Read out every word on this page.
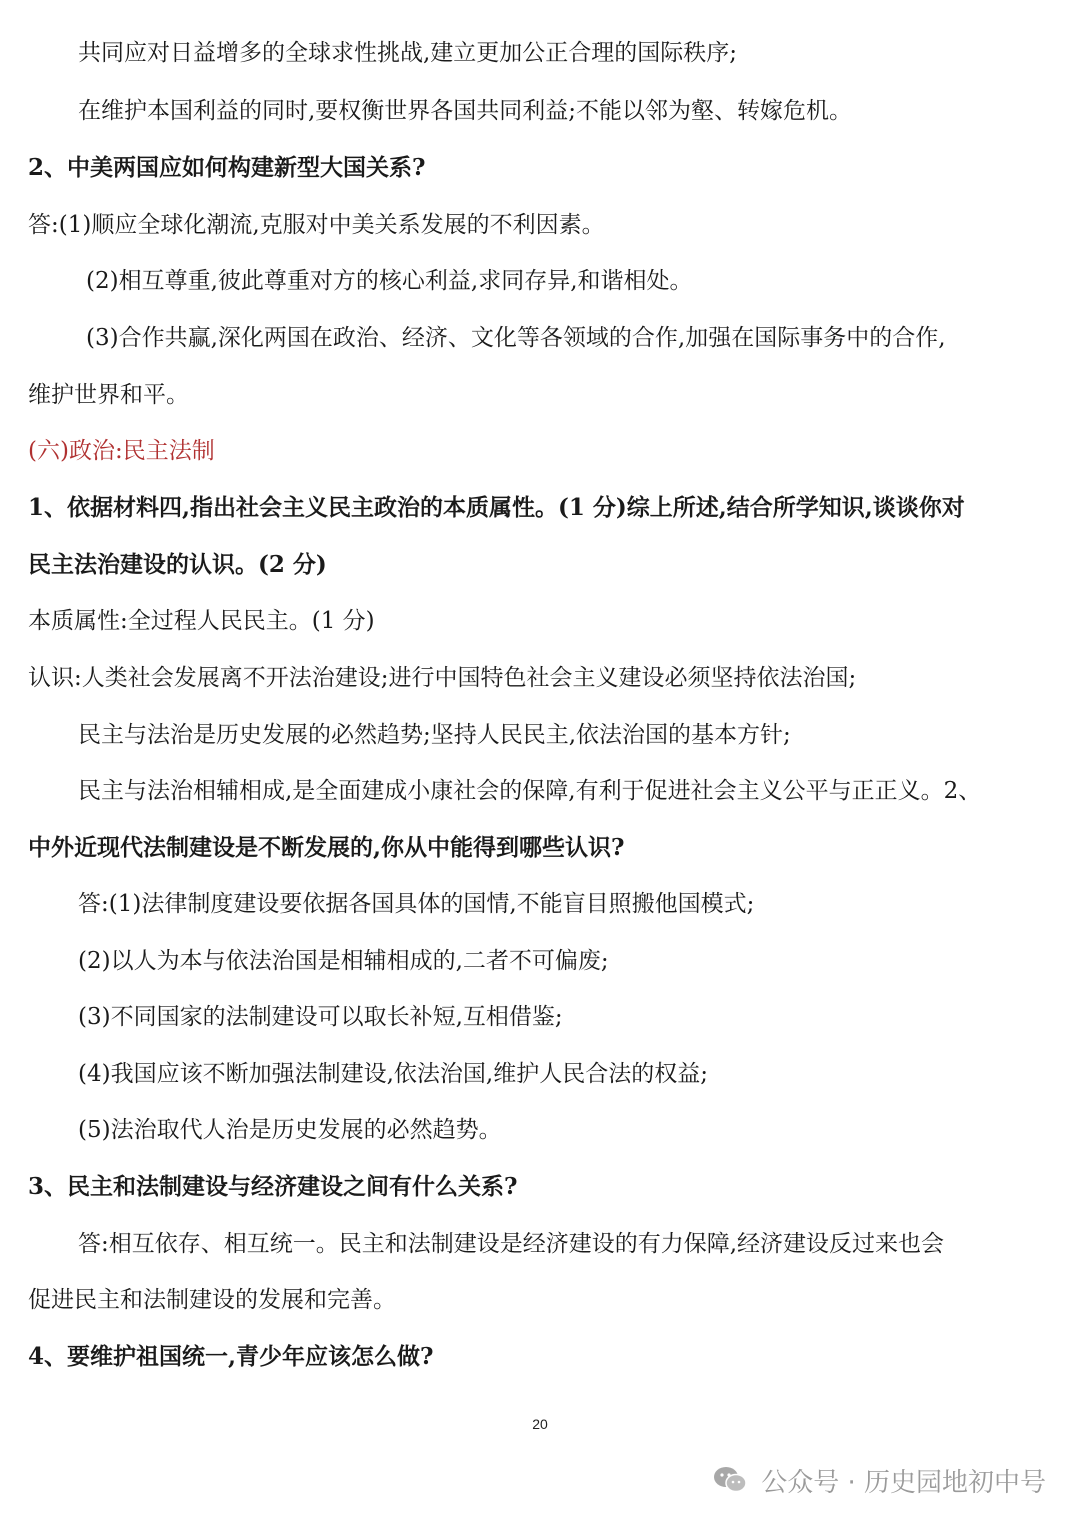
共同应对日益增多的全球求性挑战,建立更加公正合理的国际秩序;
在维护本国利益的同时,要权衡世界各国共同利益;不能以邻为壑、转嫁危机。
2、中美两国应如何构建新型大国关系?
答:(1)顺应全球化潮流,克服对中美关系发展的不利因素。
(2)相互尊重,彼此尊重对方的核心利益,求同存异,和谐相处。
(3)合作共赢,深化两国在政治、经济、文化等各领域的合作,加强在国际事务中的合作,
维护世界和平。
(六)政治:民主法制
1、依据材料四,指出社会主义民主政治的本质属性。(1 分)综上所述,结合所学知识,谈谈你对
民主法治建设的认识。(2 分)
本质属性:全过程人民民主。(1 分)
认识:人类社会发展离不开法治建设;进行中国特色社会主义建设必须坚持依法治国;
民主与法治是历史发展的必然趋势;坚持人民民主,依法治国的基本方针;
民主与法治相辅相成,是全面建成小康社会的保障,有利于促进社会主义公平与正正义。2、
中外近现代法制建设是不断发展的,你从中能得到哪些认识?
答:(1)法律制度建设要依据各国具体的国情,不能盲目照搬他国模式;
(2)以人为本与依法治国是相辅相成的,二者不可偏废;
(3)不同国家的法制建设可以取长补短,互相借鉴;
(4)我国应该不断加强法制建设,依法治国,维护人民合法的权益;
(5)法治取代人治是历史发展的必然趋势。
3、民主和法制建设与经济建设之间有什么关系?
答:相互依存、相互统一。民主和法制建设是经济建设的有力保障,经济建设反过来也会
促进民主和法制建设的发展和完善。
4、要维护祖国统一,青少年应该怎么做?
20
公众号 · 历史园地初中号
